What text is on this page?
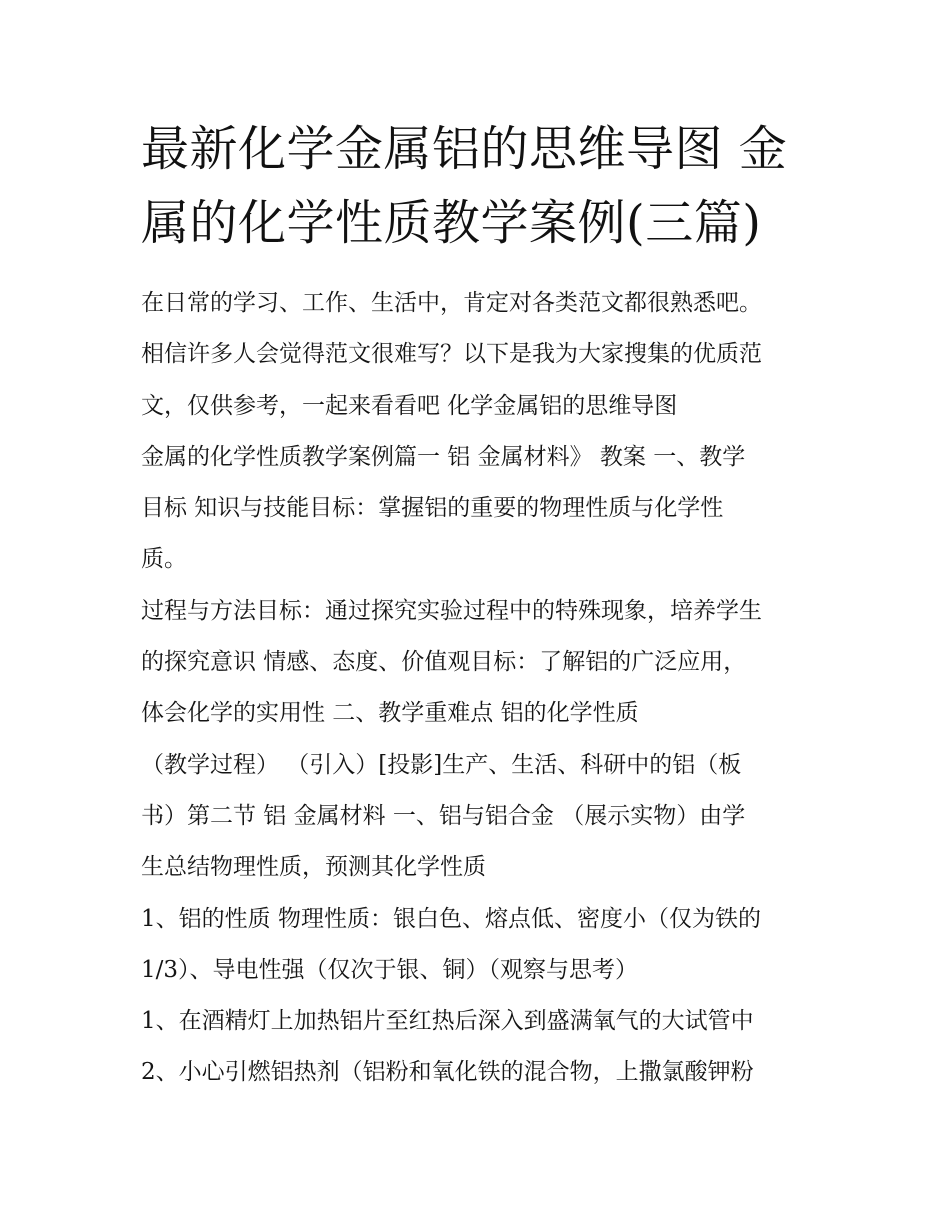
最新化学金属铝的思维导图 金
属的化学性质教学案例(三篇)
在日常的学习、工作、生活中，肯定对各类范文都很熟悉吧。
相信许多人会觉得范文很难写？以下是我为大家搜集的优质范
文，仅供参考，一起来看看吧 化学金属铝的思维导图
金属的化学性质教学案例篇一 铝 金属材料》 教案 一、教学
目标 知识与技能目标：掌握铝的重要的物理性质与化学性
质。
过程与方法目标：通过探究实验过程中的特殊现象，培养学生
的探究意识 情感、态度、价值观目标：了解铝的广泛应用，
体会化学的实用性 二、教学重难点 铝的化学性质
（教学过程） （引入）[投影]生产、生活、科研中的铝（板
书）第二节 铝 金属材料 一、铝与铝合金 （展示实物）由学
生总结物理性质，预测其化学性质
1、铝的性质 物理性质：银白色、熔点低、密度小（仅为铁的
1/3）、导电性强（仅次于银、铜）（观察与思考）
1、在酒精灯上加热铝片至红热后深入到盛满氧气的大试管中
2、小心引燃铝热剂（铝粉和氧化铁的混合物，上撒氯酸钾粉
